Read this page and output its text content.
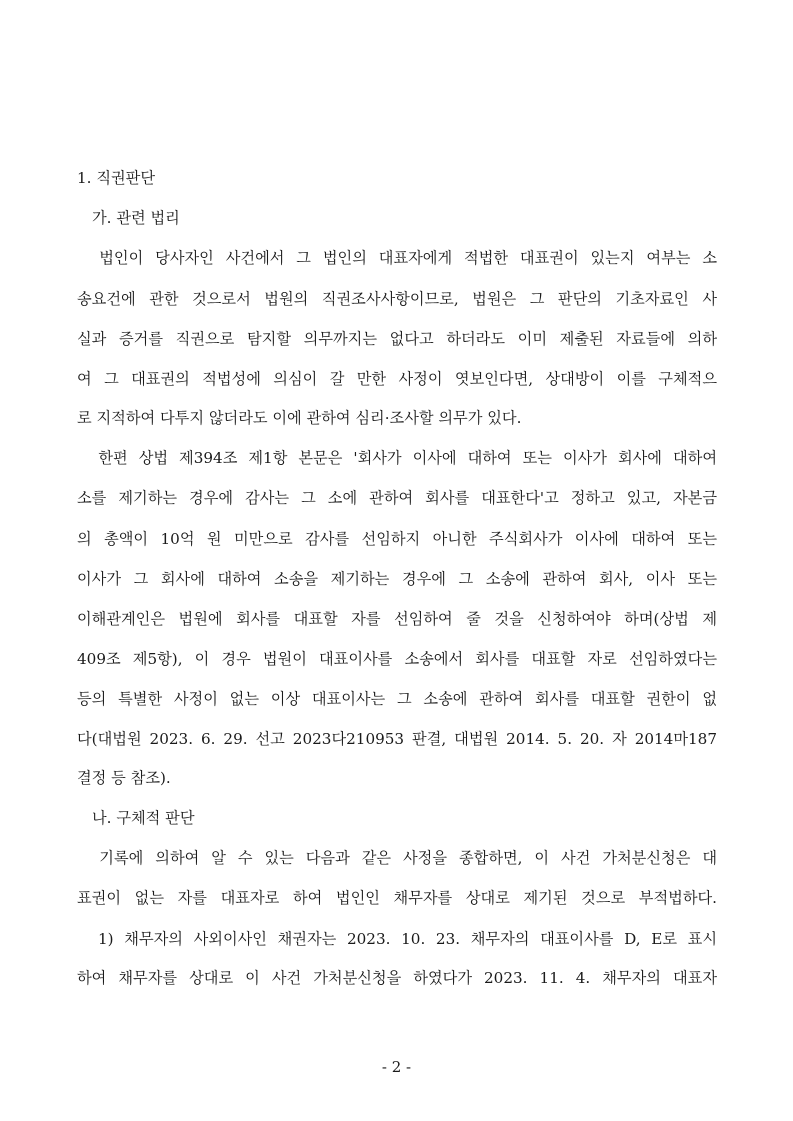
1. 직권판단
가. 관련 법리
　법인이 당사자인 사건에서 그 법인의 대표자에게 적법한 대표권이 있는지 여부는 소
송요건에 관한 것으로서 법원의 직권조사사항이므로, 법원은 그 판단의 기초자료인 사
실과 증거를 직권으로 탐지할 의무까지는 없다고 하더라도 이미 제출된 자료들에 의하
여 그 대표권의 적법성에 의심이 갈 만한 사정이 엿보인다면, 상대방이 이를 구체적으
로 지적하여 다투지 않더라도 이에 관하여 심리·조사할 의무가 있다.
　한편 상법 제394조 제1항 본문은 '회사가 이사에 대하여 또는 이사가 회사에 대하여
소를 제기하는 경우에 감사는 그 소에 관하여 회사를 대표한다'고 정하고 있고, 자본금
의 총액이 10억 원 미만으로 감사를 선임하지 아니한 주식회사가 이사에 대하여 또는
이사가 그 회사에 대하여 소송을 제기하는 경우에 그 소송에 관하여 회사, 이사 또는
이해관계인은 법원에 회사를 대표할 자를 선임하여 줄 것을 신청하여야 하며(상법 제
409조 제5항), 이 경우 법원이 대표이사를 소송에서 회사를 대표할 자로 선임하였다는
등의 특별한 사정이 없는 이상 대표이사는 그 소송에 관하여 회사를 대표할 권한이 없
다(대법원 2023. 6. 29. 선고 2023다210953 판결, 대법원 2014. 5. 20. 자 2014마187
결정 등 참조).
나. 구체적 판단
　기록에 의하여 알 수 있는 다음과 같은 사정을 종합하면, 이 사건 가처분신청은 대
표권이 없는 자를 대표자로 하여 법인인 채무자를 상대로 제기된 것으로 부적법하다.
　1) 채무자의 사외이사인 채권자는 2023. 10. 23. 채무자의 대표이사를 D, E로 표시
하여 채무자를 상대로 이 사건 가처분신청을 하였다가 2023. 11. 4. 채무자의 대표자
- 2 -
